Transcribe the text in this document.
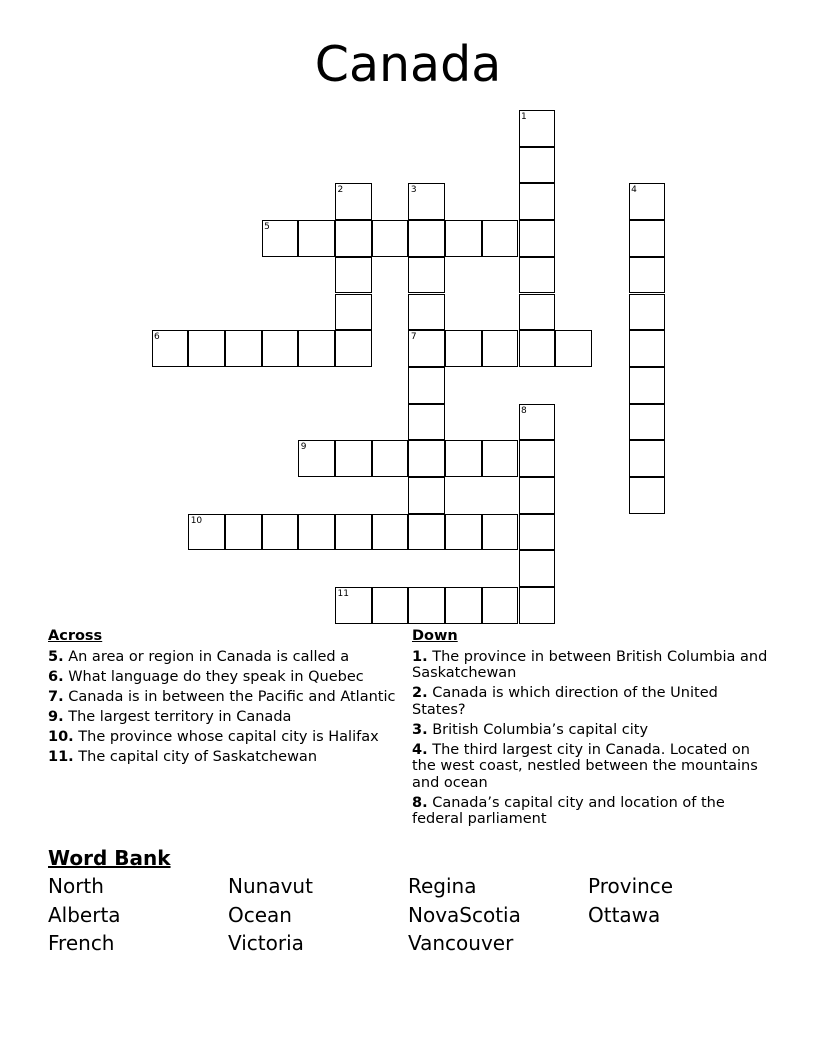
Canada
1
2	3	4
5
6	7
8
9
10
11
Across
5. An area or region in Canada is called a
6. What language do they speak in Quebec
7. Canada is in between the Pacific and Atlantic
9. The largest territory in Canada
10. The province whose capital city is Halifax
11. The capital city of Saskatchewan
Down
1. The province in between British Columbia and Saskatchewan
2. Canada is which direction of the United States?
3. British Columbia’s capital city
4. The third largest city in Canada. Located on the west coast, nestled between the mountains and ocean
8. Canada’s capital city and location of the federal parliament
Word Bank
North	Nunavut	Regina	Province
Alberta	Ocean	NovaScotia	Ottawa
French	Victoria	Vancouver
